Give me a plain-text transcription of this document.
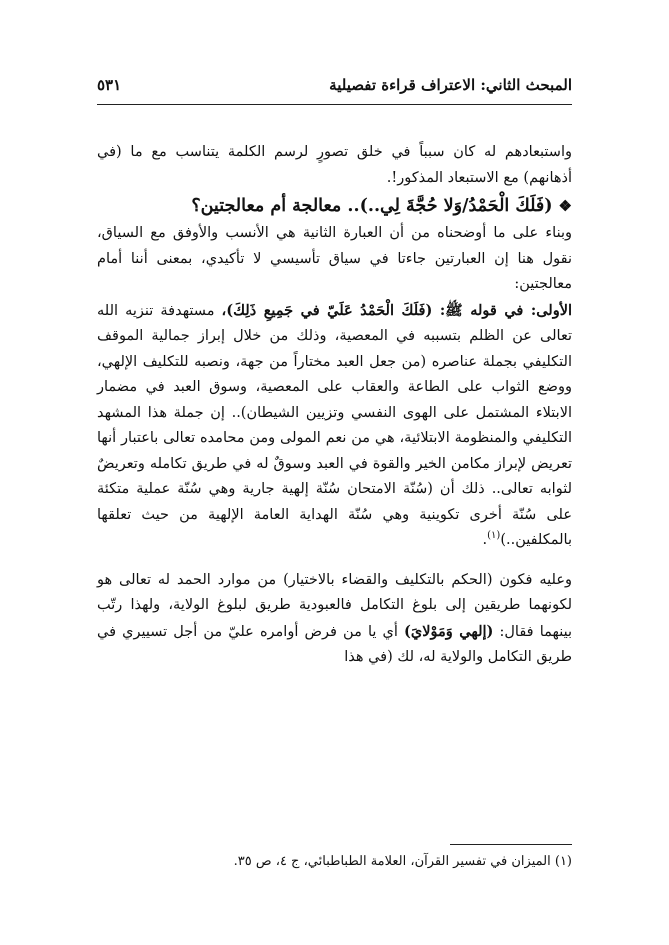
المبحث الثاني: الاعتراف قراءة تفصيلية
٥٣١

واستبعادهم له كان سبباً في خلق تصورٍ لرسم الكلمة يتناسب مع ما (في أذهانهم) مع الاستبعاد المذكور!.

❖(فَلَكَ الْحَمْدُ/وَلا حُجَّةَ لِي..).. معالجة أم معالجتين؟

وبناء على ما أوضحناه من أن العبارة الثانية هي الأنسب والأوفق مع السياق، نقول هنا إن العبارتين جاءتا في سياق تأسيسي لا تأكيدي، بمعنى أننا أمام معالجتين:

الأولى: في قوله ﷺ: (فَلَكَ الْحَمْدُ عَلَيّ في جَمِيعِ ذَلِكَ)، مستهدفة تنزيه الله تعالى عن الظلم بتسببه في المعصية، وذلك من خلال إبراز جمالية الموقف التكليفي بجملة عناصره (من جعل العبد مختاراً من جهة، ونصبه للتكليف الإلهي، ووضع الثواب على الطاعة والعقاب على المعصية، وسوق العبد في مضمار الابتلاء المشتمل على الهوى النفسي وتزيين الشيطان).. إن جملة هذا المشهد التكليفي والمنظومة الابتلائية، هي من نعم المولى ومن محامده تعالى باعتبار أنها تعريض لإبراز مكامن الخير والقوة في العبد وسوقٌ له في طريق تكامله وتعريضٌ لثوابه تعالى.. ذلك أن (سُنّة الامتحان سُنّة إلهية جارية وهي سُنّة عملية متكئة على سُنّة أخرى تكوينية وهي سُنّة الهداية العامة الإلهية من حيث تعلقها بالمكلفين..)$^{(١)}$.

وعليه فكون (الحكم بالتكليف والقضاء بالاختيار) من موارد الحمد له تعالى هو لكونهما طريقين إلى بلوغ التكامل فالعبودية طريق لبلوغ الولاية، ولهذا رتّب بينهما فقال: (إلهي وَمَوْلايَ) أي يا من فرض أوامره عليّ من أجل تسييري في طريق التكامل والولاية له، لك (في هذا

(١) الميزان في تفسير القرآن، العلامة الطباطبائي، ج ٤، ص ٣٥.
